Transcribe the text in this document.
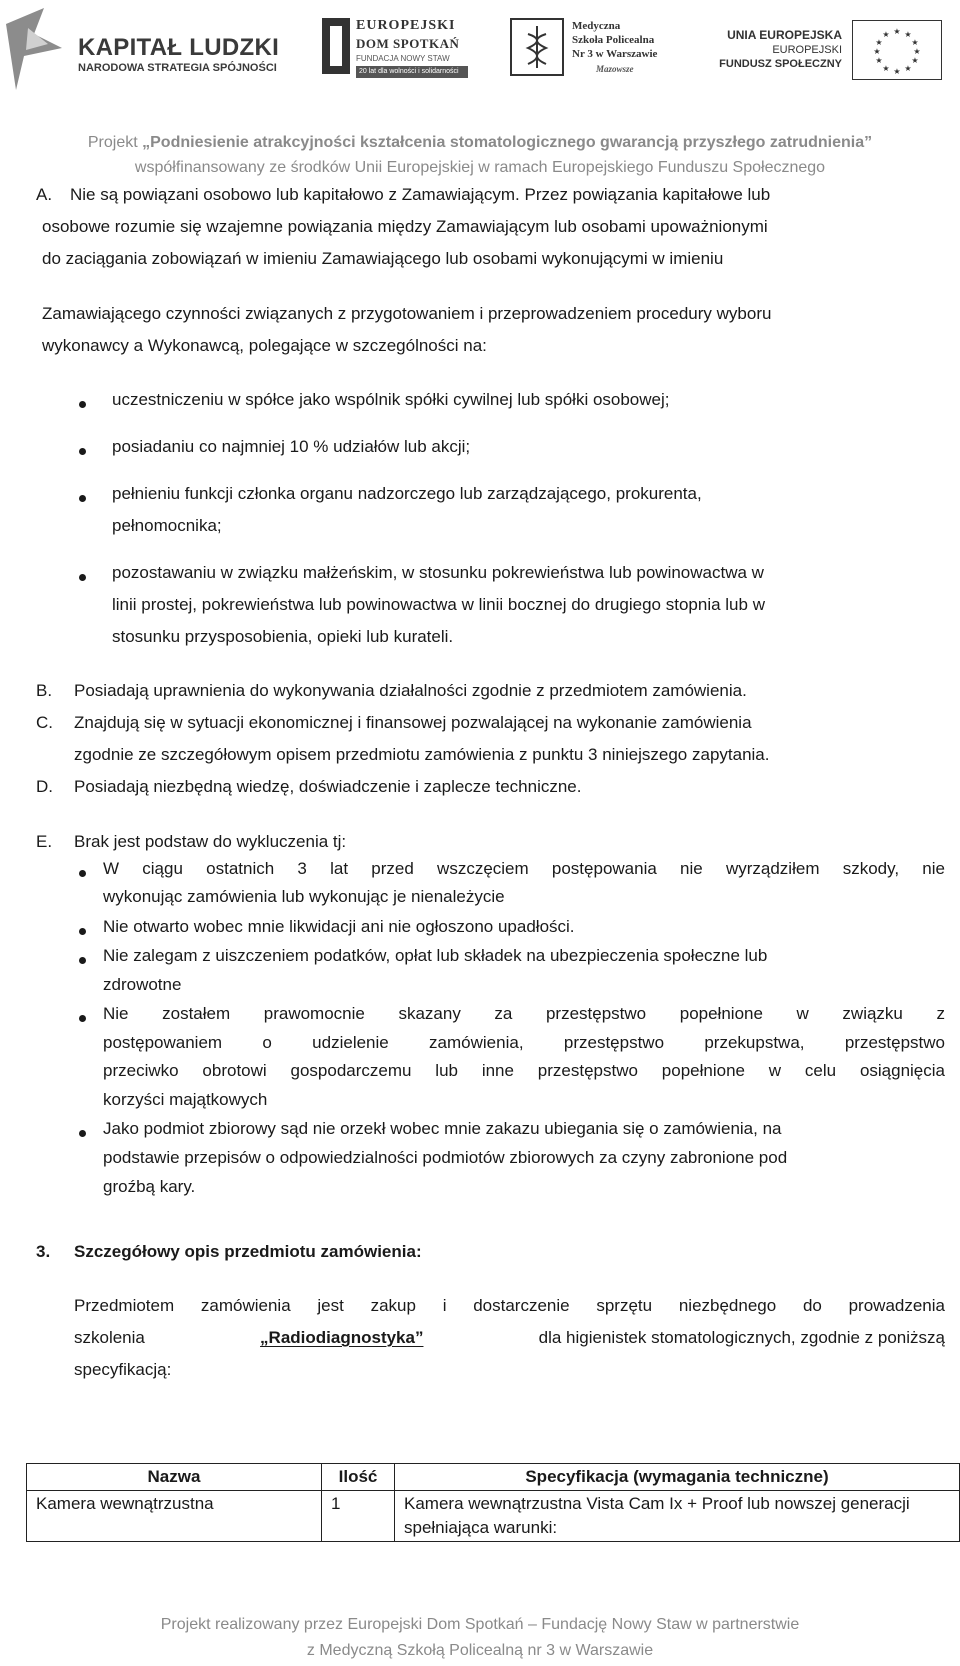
KAPITAŁ LUDZKI
NARODOWA STRATEGIA SPÓJNOŚCI
EUROPEJSKI
DOM SPOTKAŃ
FUNDACJA NOWY STAW
20 lat dla wolności i solidarności
Medyczna
Szkoła Policealna
Nr 3 w Warszawie
Mazowsze
UNIA EUROPEJSKA
EUROPEJSKI
FUNDUSZ SPOŁECZNY
★ ★
★
★
★
★
★
★
★
★
★
★
Projekt „Podniesienie atrakcyjności kształcenia stomatologicznego gwarancją przyszłego zatrudnienia”
współfinansowany ze środków Unii Europejskiej w ramach Europejskiego Funduszu Społecznego
A. Nie są powiązani osobowo lub kapitałowo z Zamawiającym. Przez powiązania kapitałowe lub
osobowe rozumie się wzajemne powiązania między Zamawiającym lub osobami upoważnionymi
do zaciągania zobowiązań w imieniu Zamawiającego lub osobami wykonującymi w imieniu
Zamawiającego czynności związanych z przygotowaniem i przeprowadzeniem procedury wyboru
wykonawcy a Wykonawcą, polegające w szczególności na:
uczestniczeniu w spółce jako wspólnik spółki cywilnej lub spółki osobowej;
posiadaniu co najmniej 10 % udziałów lub akcji;
pełnieniu funkcji członka organu nadzorczego lub zarządzającego, prokurenta,
pełnomocnika;
pozostawaniu w związku małżeńskim, w stosunku pokrewieństwa lub powinowactwa w
linii prostej, pokrewieństwa lub powinowactwa w linii bocznej do drugiego stopnia lub w
stosunku przysposobienia, opieki lub kurateli.
B. Posiadają uprawnienia do wykonywania działalności zgodnie z przedmiotem zamówienia.
C. Znajdują się w sytuacji ekonomicznej i finansowej pozwalającej na wykonanie zamówienia
zgodnie ze szczegółowym opisem przedmiotu zamówienia z punktu 3 niniejszego zapytania.
D. Posiadają niezbędną wiedzę, doświadczenie i zaplecze techniczne.
E. Brak jest podstaw do wykluczenia tj:
W ciągu ostatnich 3 lat przed wszczęciem postępowania nie wyrządziłem szkody, nie
wykonując zamówienia lub wykonując je nienależycie
Nie otwarto wobec mnie likwidacji ani nie ogłoszono upadłości.
Nie zalegam z uiszczeniem podatków, opłat lub składek na ubezpieczenia społeczne lub
zdrowotne
Nie zostałem prawomocnie skazany za przestępstwo popełnione w związku z
postępowaniem o udzielenie zamówienia, przestępstwo przekupstwa, przestępstwo
przeciwko obrotowi gospodarczemu lub inne przestępstwo popełnione w celu osiągnięcia
korzyści majątkowych
Jako podmiot zbiorowy sąd nie orzekł wobec mnie zakazu ubiegania się o zamówienia, na
podstawie przepisów o odpowiedzialności podmiotów zbiorowych za czyny zabronione pod
groźbą kary.
3. Szczegółowy opis przedmiotu zamówienia:
Przedmiotem zamówienia jest zakup i dostarczenie sprzętu niezbędnego do prowadzenia
szkolenia	„Radiodiagnostyka”	dla higienistek stomatologicznych, zgodnie z poniższą
specyfikacją:
Nazwa	Ilość	Specyfikacja (wymagania techniczne)
Kamera wewnątrzustna	1	Kamera wewnątrzustna Vista Cam Ix + Proof lub nowszej generacji spełniająca warunki:
Projekt realizowany przez Europejski Dom Spotkań – Fundację Nowy Staw w partnerstwie
z Medyczną Szkołą Policealną nr 3 w Warszawie
